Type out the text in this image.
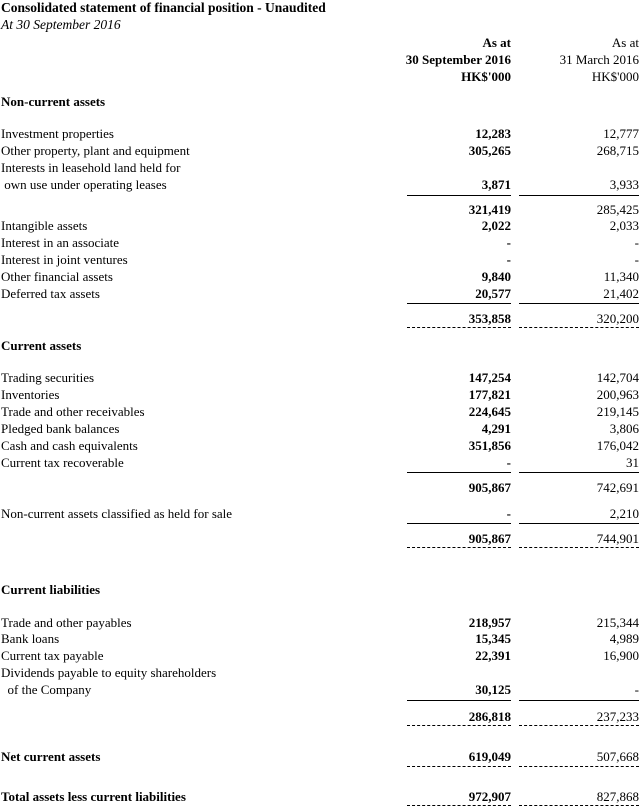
Consolidated statement of financial position - Unaudited
At 30 September 2016
As at
30 September 2016
HK$'000
As at
31 March 2016
HK$'000
Non-current assets
Investment properties	12,283	12,777
Other property, plant and equipment	305,265	268,715
Interests in leasehold land held for
own use under operating leases	3,871	3,933
321,419	285,425
Intangible assets	2,022	2,033
Interest in an associate	-	-
Interest in joint ventures	-	-
Other financial assets	9,840	11,340
Deferred tax assets	20,577	21,402
353,858	320,200
Current assets
Trading securities	147,254	142,704
Inventories	177,821	200,963
Trade and other receivables	224,645	219,145
Pledged bank balances	4,291	3,806
Cash and cash equivalents	351,856	176,042
Current tax recoverable	-	31
905,867	742,691
Non-current assets classified as held for sale	-	2,210
905,867	744,901
Current liabilities
Trade and other payables	218,957	215,344
Bank loans	15,345	4,989
Current tax payable	22,391	16,900
Dividends payable to equity shareholders
of the Company	30,125	-
286,818	237,233
Net current assets	619,049	507,668
Total assets less current liabilities	972,907	827,868
